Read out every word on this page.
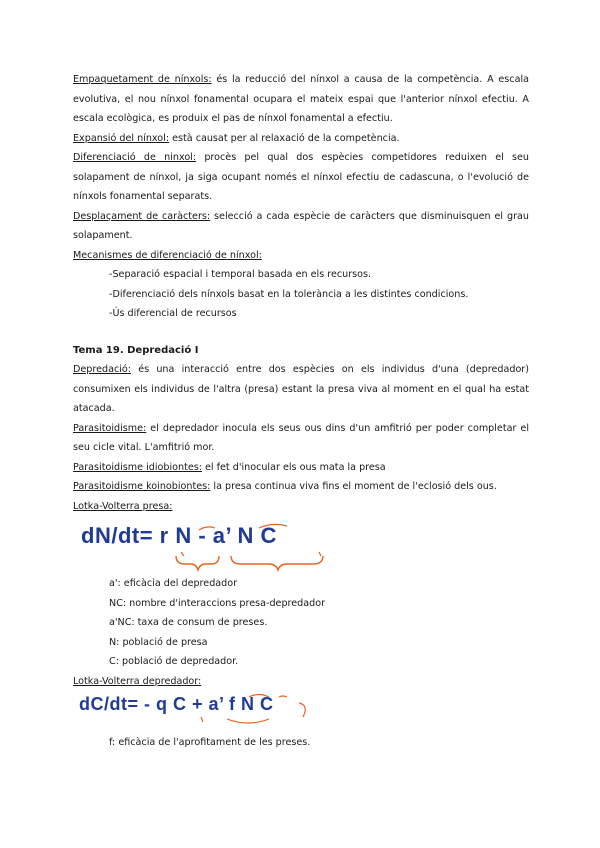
Empaquetament de nínxols: és la reducció del nínxol a causa de la competència. A escala evolutiva, el nou nínxol fonamental ocupara el mateix espai que l'anterior nínxol efectiu. A escala ecològica, es produix el pas de nínxol fonamental a efectiu.

Expansió del nínxol: està causat per al relaxació de la competència.

Diferenciació de ninxol: procès pel qual dos espècies competidores reduixen el seu solapament de nínxol, ja siga ocupant només el nínxol efectiu de cadascuna, o l'evolució de nínxols fonamental separats.

Desplaçament de caràcters: selecció a cada espècie de caràcters que disminuisquen el grau solapament.

Mecanismes de diferenciació de nínxol:

-Separació espacial i temporal basada en els recursos.
-Diferenciació dels nínxols basat en la tolerància a les distintes condicions.
-Ús diferencial de recursos

Tema 19. Depredació I

Depredació: és una interacció entre dos espècies on els individus d'una (depredador) consumixen els individus de l'altra (presa) estant la presa viva al moment en el qual ha estat atacada.

Parasitoidisme: el depredador inocula els seus ous dins d'un amfitrió per poder completar el seu cicle vital. L'amfitrió mor.

Parasitoidisme idiobiontes: el fet d'inocular els ous mata la presa

Parasitoidisme koinobiontes: la presa continua viva fins el moment de l'eclosió dels ous.

Lotka-Volterra presa:

dN/dt= r N - a’ N C
a': eficàcia del depredador
NC: nombre d'interaccions presa-depredador
a'NC: taxa de consum de preses.
N: població de presa
C: població de depredador.

Lotka-Volterra depredador:

dC/dt= - q C + a’ f N C
f: eficàcia de l'aprofitament de les preses.
